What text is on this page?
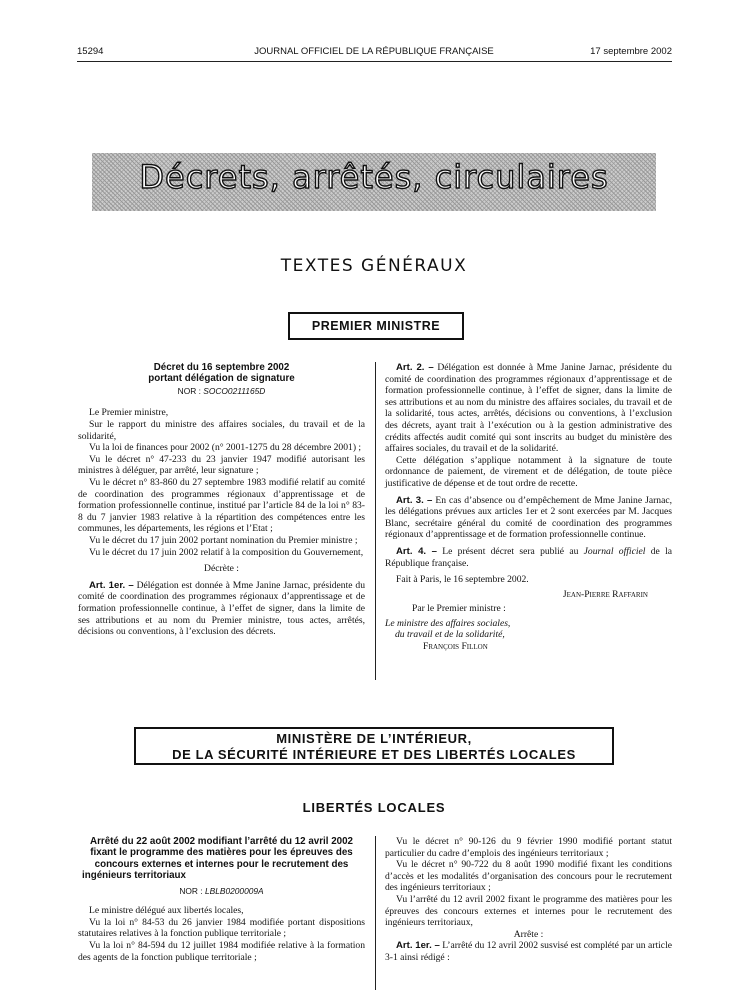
15294	JOURNAL OFFICIEL DE LA RÉPUBLIQUE FRANÇAISE	17 septembre 2002
Décrets, arrêtés, circulaires
TEXTES GÉNÉRAUX
PREMIER MINISTRE
Décret du 16 septembre 2002
portant délégation de signature
NOR : SOCO0211165D

Le Premier ministre,

Sur le rapport du ministre des affaires sociales, du travail et de la solidarité,

Vu la loi de finances pour 2002 (n° 2001-1275 du 28 décembre 2001) ;

Vu le décret n° 47-233 du 23 janvier 1947 modifié autorisant les ministres à déléguer, par arrêté, leur signature ;

Vu le décret n° 83-860 du 27 septembre 1983 modifié relatif au comité de coordination des programmes régionaux d’apprentissage et de formation professionnelle continue, institué par l’article 84 de la loi n° 83-8 du 7 janvier 1983 relative à la répartition des compétences entre les communes, les départements, les régions et l’Etat ;

Vu le décret du 17 juin 2002 portant nomination du Premier ministre ;

Vu le décret du 17 juin 2002 relatif à la composition du Gouvernement,

Décrète :

Art. 1er. – Délégation est donnée à Mme Janine Jarnac, présidente du comité de coordination des programmes régionaux d’apprentissage et de formation professionnelle continue, à l’effet de signer, dans la limite de ses attributions et au nom du Premier ministre, tous actes, arrêtés, décisions ou conventions, à l’exclusion des décrets.

Art. 2. – Délégation est donnée à Mme Janine Jarnac, présidente du comité de coordination des programmes régionaux d’apprentissage et de formation professionnelle continue, à l’effet de signer, dans la limite de ses attributions et au nom du ministre des affaires sociales, du travail et de la solidarité, tous actes, arrêtés, décisions ou conventions, à l’exclusion des décrets, ayant trait à l’exécution ou à la gestion administrative des crédits affectés audit comité qui sont inscrits au budget du ministère des affaires sociales, du travail et de la solidarité.

Cette délégation s’applique notamment à la signature de toute ordonnance de paiement, de virement et de délégation, de toute pièce justificative de dépense et de tout ordre de recette.

Art. 3. – En cas d’absence ou d’empêchement de Mme Janine Jarnac, les délégations prévues aux articles 1er et 2 sont exercées par M. Jacques Blanc, secrétaire général du comité de coordination des programmes régionaux d’apprentissage et de formation professionnelle continue.

Art. 4. – Le présent décret sera publié au Journal officiel de la République française.

Fait à Paris, le 16 septembre 2002.

Jean-Pierre Raffarin

Par le Premier ministre :

Le ministre des affaires sociales,

du travail et de la solidarité,

François Fillon

MINISTÈRE DE L’INTÉRIEUR,
DE LA SÉCURITÉ INTÉRIEURE ET DES LIBERTÉS LOCALES
LIBERTÉS LOCALES
Arrêté du 22 août 2002 modifiant l’arrêté du 12 avril 2002
fixant le programme des matières pour les épreuves des
concours externes et internes pour le recrutement des
ingénieurs territoriaux
NOR : LBLB0200009A

Le ministre délégué aux libertés locales,

Vu la loi n° 84-53 du 26 janvier 1984 modifiée portant dispositions statutaires relatives à la fonction publique territoriale ;

Vu la loi n° 84-594 du 12 juillet 1984 modifiée relative à la formation des agents de la fonction publique territoriale ;

Vu le décret n° 90-126 du 9 février 1990 modifié portant statut particulier du cadre d’emplois des ingénieurs territoriaux ;

Vu le décret n° 90-722 du 8 août 1990 modifié fixant les conditions d’accès et les modalités d’organisation des concours pour le recrutement des ingénieurs territoriaux ;

Vu l’arrêté du 12 avril 2002 fixant le programme des matières pour les épreuves des concours externes et internes pour le recrutement des ingénieurs territoriaux,

Arrête :

Art. 1er. – L’arrêté du 12 avril 2002 susvisé est complété par un article 3-1 ainsi rédigé :
